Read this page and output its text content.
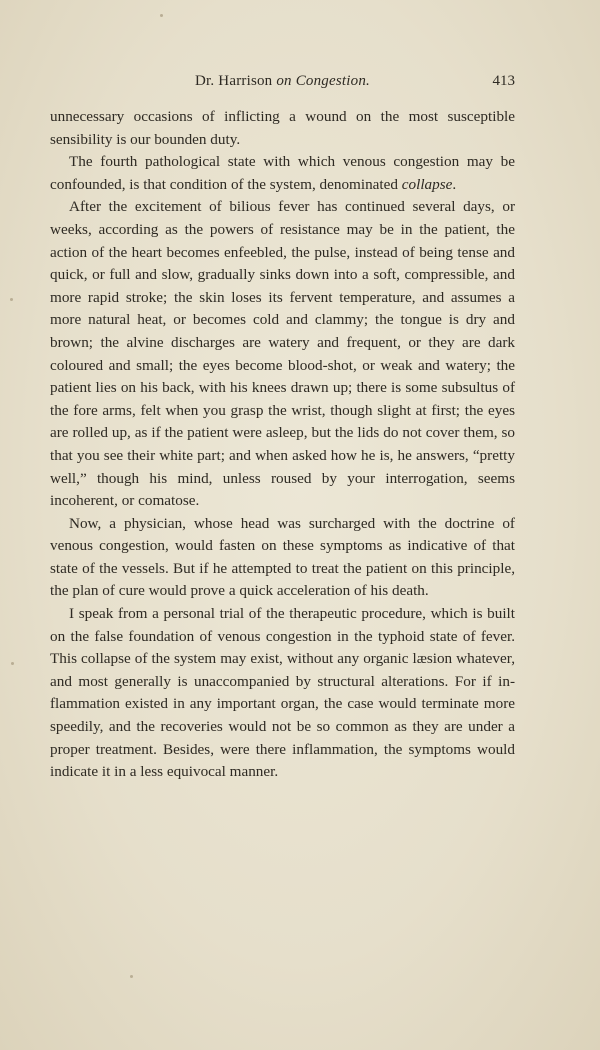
Dr. Harrison on Congestion.	413

unnecessary occasions of inflicting a wound on the most susceptible sensibility is our bounden duty.

The fourth pathological state with which venous congestion may be confounded, is that condition of the system, denominated collapse.

After the excitement of bilious fever has continued several days, or weeks, according as the powers of resistance may be in the patient, the action of the heart becomes enfeebled, the pulse, instead of being tense and quick, or full and slow, gradually sinks down into a soft, compressible, and more rapid stroke; the skin loses its fervent temperature, and assumes a more natural heat, or becomes cold and clammy; the tongue is dry and brown; the alvine discharges are watery and frequent, or they are dark coloured and small; the eyes become blood-shot, or weak and watery; the patient lies on his back, with his knees drawn up; there is some subsultus of the fore arms, felt when you grasp the wrist, though slight at first; the eyes are rolled up, as if the patient were asleep, but the lids do not cover them, so that you see their white part; and when asked how he is, he answers, “pretty well,” though his mind, unless roused by your interrogation, seems incoherent, or comatose.

Now, a physician, whose head was surcharged with the doctrine of venous congestion, would fasten on these symptoms as indicative of that state of the vessels. But if he attempted to treat the patient on this principle, the plan of cure would prove a quick acceleration of his death.

I speak from a personal trial of the therapeutic procedure, which is built on the false foundation of venous congestion in the typhoid state of fever. This collapse of the system may exist, without any organic læsion whatever, and most generally is unaccompanied by structural alterations. For if inflammation existed in any important organ, the case would terminate more speedily, and the recoveries would not be so common as they are under a proper treatment. Besides, were there inflammation, the symptoms would indicate it in a less equivocal manner.
